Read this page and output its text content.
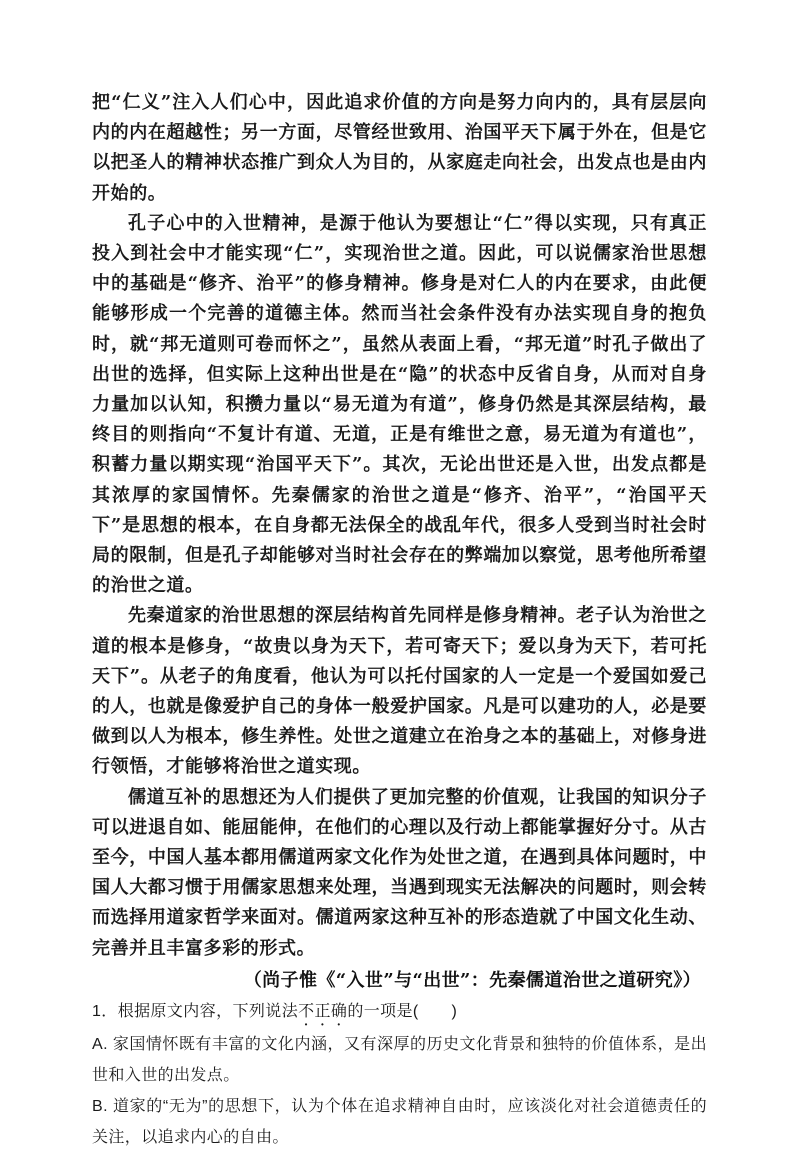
把“仁义”注入人们心中，因此追求价值的方向是努力向内的，具有层层向内的内在超越性；另一方面，尽管经世致用、治国平天下属于外在，但是它以把圣人的精神状态推广到众人为目的，从家庭走向社会，出发点也是由内开始的。

孔子心中的入世精神，是源于他认为要想让“仁”得以实现，只有真正投入到社会中才能实现“仁”，实现治世之道。因此，可以说儒家治世思想中的基础是“修齐、治平”的修身精神。修身是对仁人的内在要求，由此便能够形成一个完善的道德主体。然而当社会条件没有办法实现自身的抱负时，就“邦无道则可卷而怀之”，虽然从表面上看，“邦无道”时孔子做出了出世的选择，但实际上这种出世是在“隐”的状态中反省自身，从而对自身力量加以认知，积攒力量以“易无道为有道”，修身仍然是其深层结构，最终目的则指向“不复计有道、无道，正是有维世之意，易无道为有道也”，积蓄力量以期实现“治国平天下”。其次，无论出世还是入世，出发点都是其浓厚的家国情怀。先秦儒家的治世之道是“修齐、治平”，“治国平天下”是思想的根本，在自身都无法保全的战乱年代，很多人受到当时社会时局的限制，但是孔子却能够对当时社会存在的弊端加以察觉，思考他所希望的治世之道。

先秦道家的治世思想的深层结构首先同样是修身精神。老子认为治世之道的根本是修身，“故贵以身为天下，若可寄天下；爱以身为天下，若可托天下”。从老子的角度看，他认为可以托付国家的人一定是一个爱国如爱己的人，也就是像爱护自己的身体一般爱护国家。凡是可以建功的人，必是要做到以人为根本，修生养性。处世之道建立在治身之本的基础上，对修身进行领悟，才能够将治世之道实现。

儒道互补的思想还为人们提供了更加完整的价值观，让我国的知识分子可以进退自如、能屈能伸，在他们的心理以及行动上都能掌握好分寸。从古至今，中国人基本都用儒道两家文化作为处世之道，在遇到具体问题时，中国人大都习惯于用儒家思想来处理，当遇到现实无法解决的问题时，则会转而选择用道家哲学来面对。儒道两家这种互补的形态造就了中国文化生动、完善并且丰富多彩的形式。

（尚子惟《“入世”与“出世”：先秦儒道治世之道研究》）

1．根据原文内容，下列说法不正确的一项是(　　)

A. 家国情怀既有丰富的文化内涵，又有深厚的历史文化背景和独特的价值体系，是出世和入世的出发点。

B. 道家的“无为”的思想下，认为个体在追求精神自由时，应该淡化对社会道德责任的关注，以追求内心的自由。
